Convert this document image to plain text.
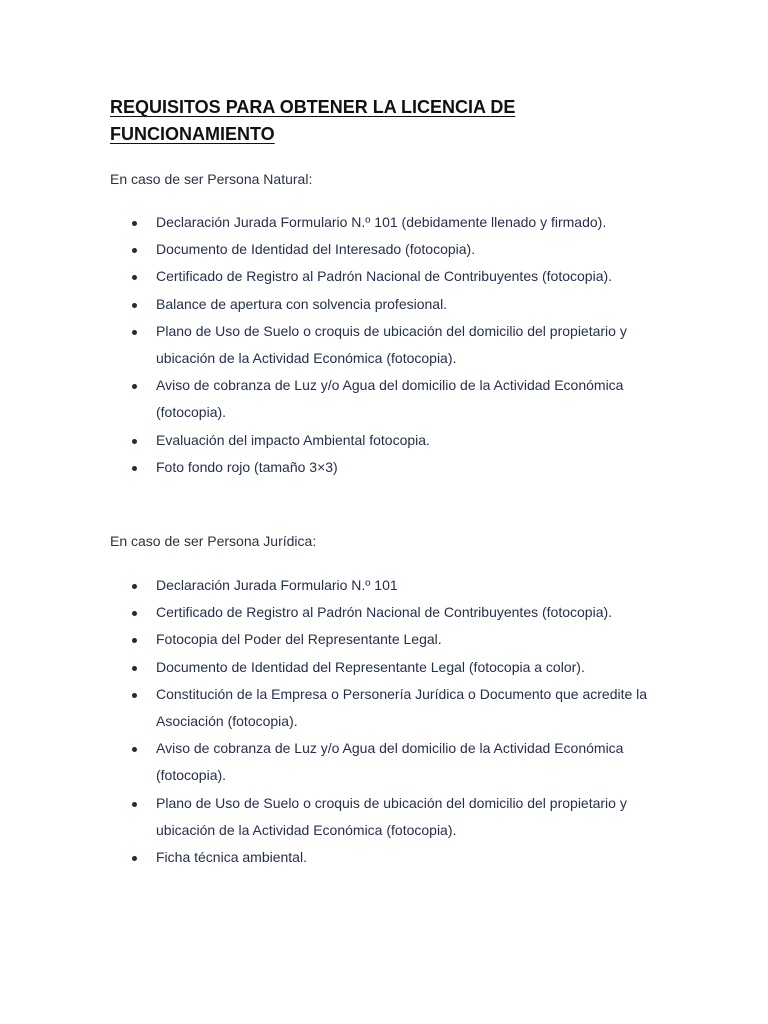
REQUISITOS PARA OBTENER LA LICENCIA DE
FUNCIONAMIENTO

En caso de ser Persona Natural:

Declaración Jurada Formulario N.º 101 (debidamente llenado y firmado).
Documento de Identidad del Interesado (fotocopia).
Certificado de Registro al Padrón Nacional de Contribuyentes (fotocopia).
Balance de apertura con solvencia profesional.
Plano de Uso de Suelo o croquis de ubicación del domicilio del propietario y ubicación de la Actividad Económica (fotocopia).
Aviso de cobranza de Luz y/o Agua del domicilio de la Actividad Económica (fotocopia).
Evaluación del impacto Ambiental fotocopia.
Foto fondo rojo (tamaño 3×3)

En caso de ser Persona Jurídica:

Declaración Jurada Formulario N.º 101
Certificado de Registro al Padrón Nacional de Contribuyentes (fotocopia).
Fotocopia del Poder del Representante Legal.
Documento de Identidad del Representante Legal (fotocopia a color).
Constitución de la Empresa o Personería Jurídica o Documento que acredite la Asociación (fotocopia).
Aviso de cobranza de Luz y/o Agua del domicilio de la Actividad Económica (fotocopia).
Plano de Uso de Suelo o croquis de ubicación del domicilio del propietario y ubicación de la Actividad Económica (fotocopia).
Ficha técnica ambiental.
